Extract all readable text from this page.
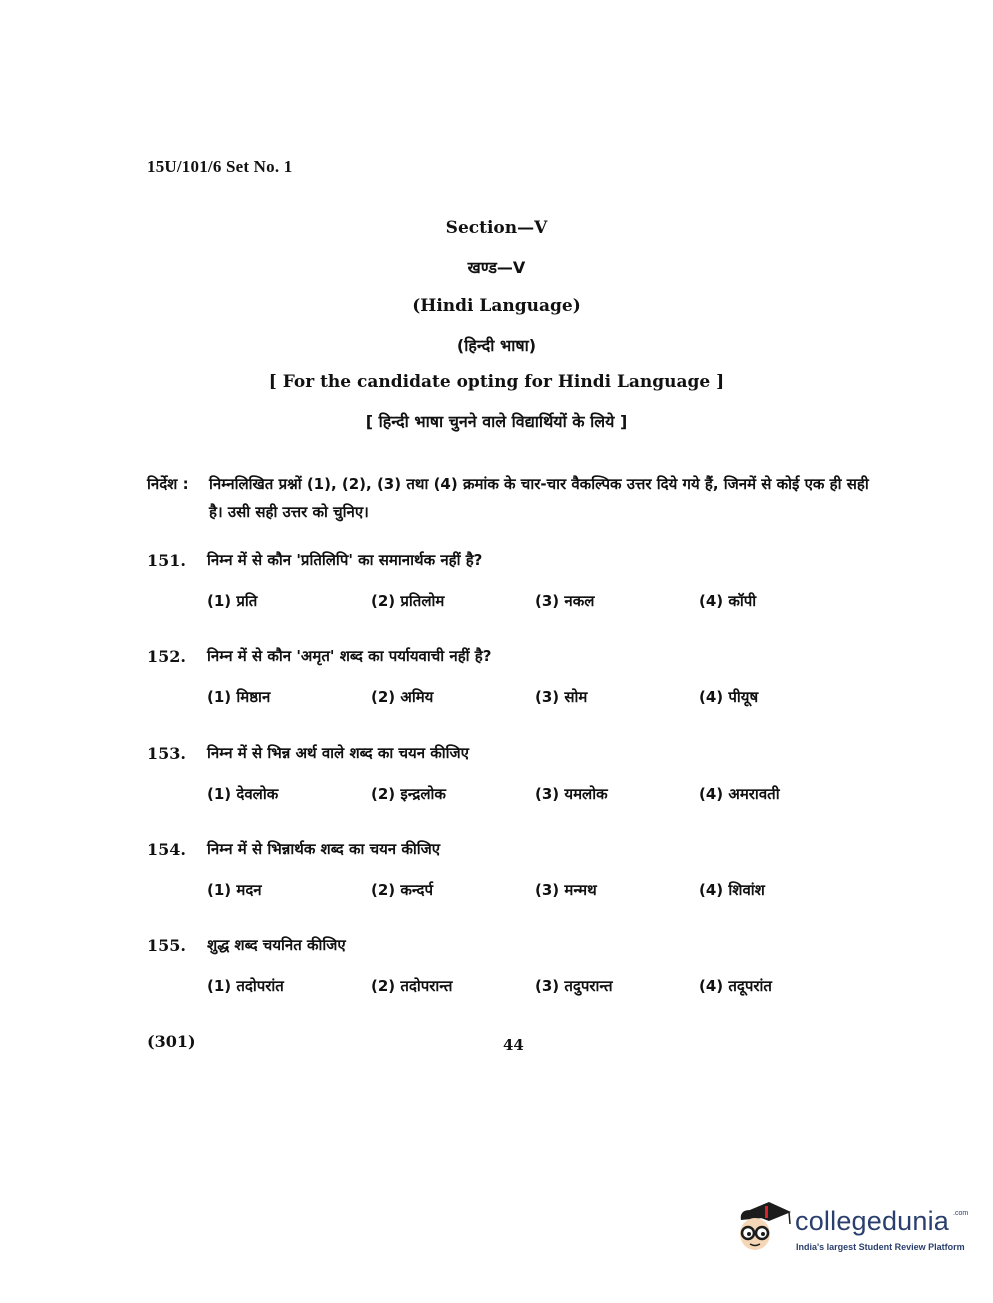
15U/101/6 Set No. 1
Section—V
खण्ड—V
(Hindi Language)
(हिन्दी भाषा)
[ For the candidate opting for Hindi Language ]
[ हिन्दी भाषा चुनने वाले विद्यार्थियों के लिये ]
निर्देश :	निम्नलिखित प्रश्नों (1), (2), (3) तथा (4) क्रमांक के चार-चार वैकल्पिक उत्तर दिये गये हैं, जिनमें से कोई एक ही सही है। उसी सही उत्तर को चुनिए।
151.	निम्न में से कौन 'प्रतिलिपि' का समानार्थक नहीं है?
(1) प्रति	(2) प्रतिलोम	(3) नकल	(4) कॉपी
152.	निम्न में से कौन 'अमृत' शब्द का पर्यायवाची नहीं है?
(1) मिष्ठान	(2) अमिय	(3) सोम	(4) पीयूष
153.	निम्न में से भिन्न अर्थ वाले शब्द का चयन कीजिए
(1) देवलोक	(2) इन्द्रलोक	(3) यमलोक	(4) अमरावती
154.	निम्न में से भिन्नार्थक शब्द का चयन कीजिए
(1) मदन	(2) कन्दर्प	(3) मन्मथ	(4) शिवांश
155.	शुद्ध शब्द चयनित कीजिए
(1) तदोपरांत	(2) तदोपरान्त	(3) तदुपरान्त	(4) तदूपरांत
(301)	44
collegedunia .com
India's largest Student Review Platform
